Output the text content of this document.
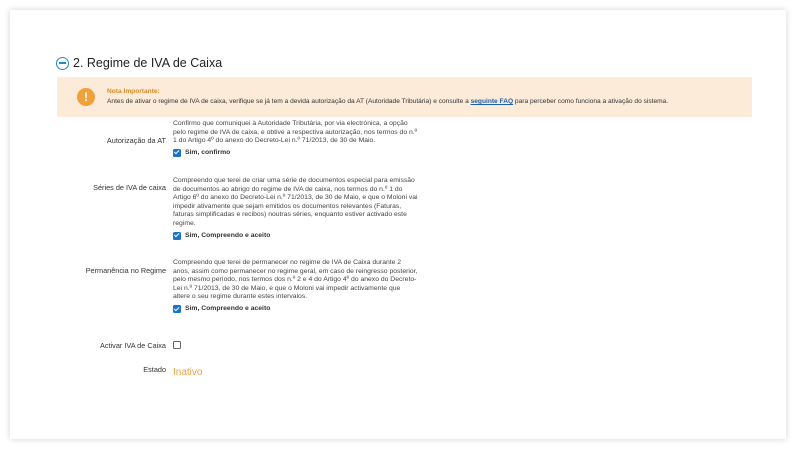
2. Regime de IVA de Caixa
!	Nota Importante:
Antes de ativar o regime de IVA de caixa, verifique se já tem a devida autorização da AT (Autoridade Tributária) e consulte a seguinte FAQ para perceber como funciona a ativação do sistema.
Autorização da AT
Confirmo que comuniquei à Autoridade Tributária, por via electrónica, a opção pelo regime de IVA de caixa, e obtive a respectiva autorização, nos termos do n.º 1 do Artigo 4º do anexo do Decreto-Lei n.º 71/2013, de 30 de Maio.
Sim, confirmo
Séries de IVA de caixa
Compreendo que terei de criar uma série de documentos especial para emissão de documentos ao abrigo do regime de IVA de caixa, nos termos do n.º 1 do Artigo 6º do anexo do Decreto-Lei n.º 71/2013, de 30 de Maio, e que o Moloni vai impedir ativamente que sejam emitidos os documentos relevantes (Faturas, faturas simplificadas e recibos) noutras séries, enquanto estiver activado este regime.
Sim, Compreendo e aceito
Permanência no Regime
Compreendo que terei de permanecer no regime de IVA de Caixa durante 2 anos, assim como permanecer no regime geral, em caso de reingresso posterior, pelo mesmo período, nos termos dos n.º 2 e 4 do Artigo 4º do anexo do Decreto-Lei n.º 71/2013, de 30 de Maio, e que o Moloni vai impedir activamente que altere o seu regime durante estes intervalos.
Sim, Compreendo e aceito
Activar IVA de Caixa
Estado Inativo
